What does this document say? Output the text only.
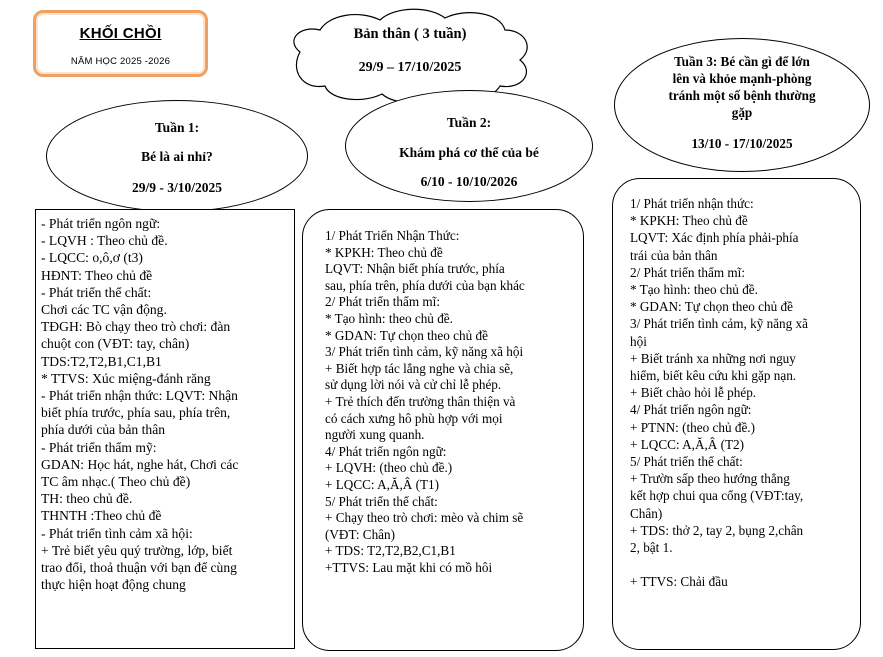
KHỐI CHỒI
NĂM HỌC 2025 -2026
Bản thân ( 3 tuần)
29/9 – 17/10/2025
Tuần 1:
Bé là ai nhỉ?
29/9 - 3/10/2025
Tuần 2:
Khám phá cơ thể của bé
6/10 - 10/10/2026
Tuần 3: Bé cần gì để lớn
lên và khỏe mạnh-phòng
tránh một số bệnh thường
gặp
13/10 - 17/10/2025
- Phát triển ngôn ngữ:
- LQVH : Theo chủ đề.
- LQCC: o,ô,ơ (t3)
HĐNT: Theo chủ đề
- Phát triển thể chất:
Chơi các TC vận động.
TĐGH: Bò chạy theo trò chơi: đàn
chuột con (VĐT: tay, chân)
TDS:T2,T2,B1,C1,B1
* TTVS: Xúc miệng-đánh răng
- Phát triển nhận thức: LQVT: Nhận
biết phía trước, phía sau, phía trên,
phía dưới của bản thân
- Phát triển thẩm mỹ:
GDAN: Học hát, nghe hát, Chơi các
TC âm nhạc.( Theo chủ đề)
TH: theo chủ đề.
THNTH :Theo chủ đề
- Phát triển tình cảm xã hội:
+ Trẻ biết yêu quý trường, lớp, biết
trao đổi, thoả thuận với bạn để cùng
thực hiện hoạt động chung
1/ Phát Triển Nhận Thức:
* KPKH: Theo chủ đề
LQVT: Nhận biết phía trước, phía
sau, phía trên, phía dưới của bạn khác
2/ Phát triển thẩm mĩ:
* Tạo hình: theo chủ đề.
* GDAN: Tự chọn theo chủ đề
3/ Phát triển tình cảm, kỹ năng xã hội
+ Biết hợp tác lắng nghe và chia sẽ,
sử dụng lời nói và cử chỉ lễ phép.
+ Trẻ thích đến trường thân thiện và
có cách xưng hô phù hợp với mọi
người xung quanh.
4/ Phát triển ngôn ngữ:
+ LQVH: (theo chủ đề.)
+ LQCC: A,Ă,Â (T1)
5/ Phát triển thể chất:
+ Chạy theo trò chơi: mèo và chim sẽ
(VĐT: Chân)
+ TDS: T2,T2,B2,C1,B1
+TTVS: Lau mặt khi có mồ hôi
1/ Phát triển nhận thức:
* KPKH: Theo chủ đề
LQVT: Xác định phía phải-phía
trái của bản thân
2/ Phát triển thẩm mĩ:
* Tạo hình: theo chủ đề.
* GDAN: Tự chọn theo chủ đề
3/ Phát triển tình cảm, kỹ năng xã
hội
+ Biết tránh xa những nơi nguy
hiểm, biết kêu cứu khi gặp nạn.
+ Biết chào hỏi lễ phép.
4/ Phát triển ngôn ngữ:
+ PTNN: (theo chủ đề.)
+ LQCC: A,Ă,Â (T2)
5/ Phát triển thể chất:
+ Trườn sấp theo hướng thẳng
kết hợp chui qua cổng (VĐT:tay,
Chân)
+ TDS: thở 2, tay 2, bụng 2,chân
2, bật 1.
+ TTVS: Chải đầu
